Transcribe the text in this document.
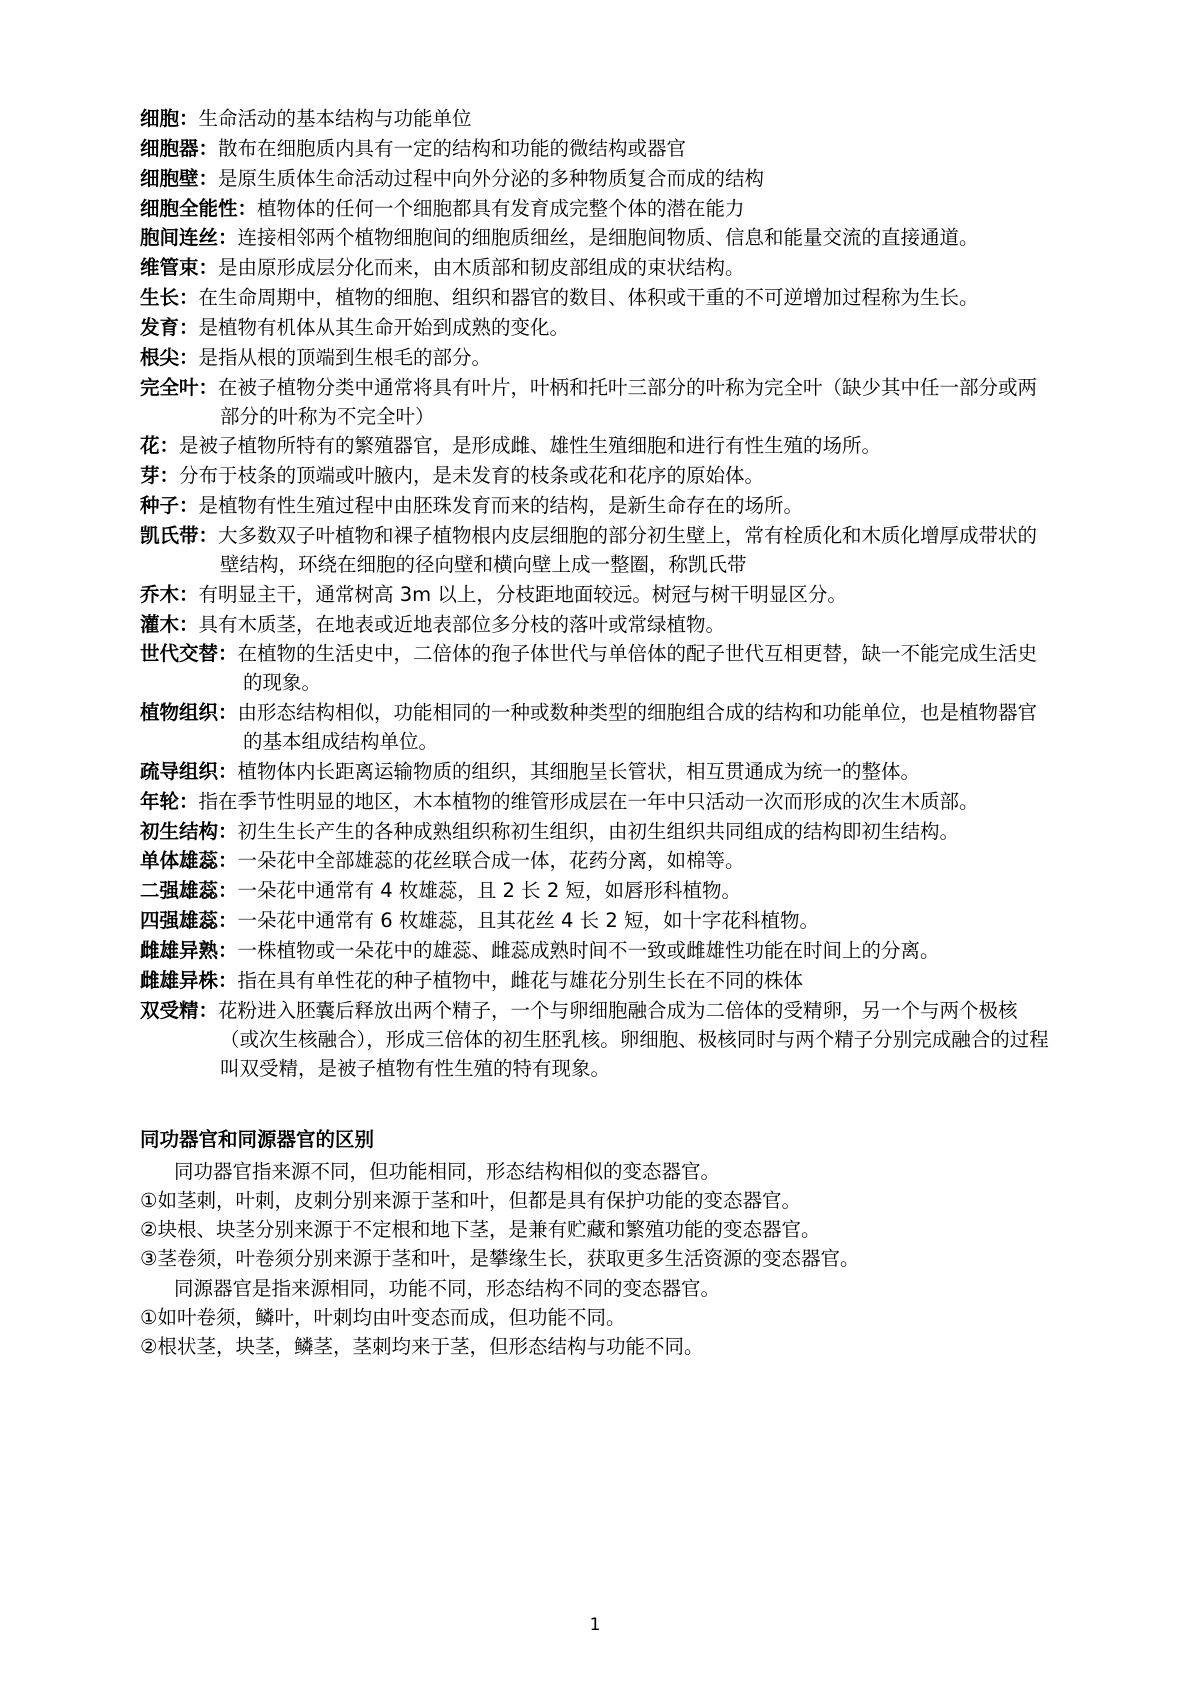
细胞：生命活动的基本结构与功能单位

细胞器：散布在细胞质内具有一定的结构和功能的微结构或器官

细胞壁：是原生质体生命活动过程中向外分泌的多种物质复合而成的结构

细胞全能性：植物体的任何一个细胞都具有发育成完整个体的潜在能力

胞间连丝：连接相邻两个植物细胞间的细胞质细丝，是细胞间物质、信息和能量交流的直接通道。

维管束：是由原形成层分化而来，由木质部和韧皮部组成的束状结构。

生长：在生命周期中，植物的细胞、组织和器官的数目、体积或干重的不可逆增加过程称为生长。

发育：是植物有机体从其生命开始到成熟的变化。

根尖：是指从根的顶端到生根毛的部分。

完全叶：在被子植物分类中通常将具有叶片，叶柄和托叶三部分的叶称为完全叶（缺少其中任一部分或两部分的叶称为不完全叶）

花：是被子植物所特有的繁殖器官，是形成雌、雄性生殖细胞和进行有性生殖的场所。

芽：分布于枝条的顶端或叶腋内，是未发育的枝条或花和花序的原始体。

种子：是植物有性生殖过程中由胚珠发育而来的结构，是新生命存在的场所。

凯氏带：大多数双子叶植物和裸子植物根内皮层细胞的部分初生壁上，常有栓质化和木质化增厚成带状的壁结构，环绕在细胞的径向壁和横向壁上成一整圈，称凯氏带

乔木：有明显主干，通常树高 3m 以上，分枝距地面较远。树冠与树干明显区分。

灌木：具有木质茎，在地表或近地表部位多分枝的落叶或常绿植物。

世代交替：在植物的生活史中，二倍体的孢子体世代与单倍体的配子世代互相更替，缺一不能完成生活史的现象。

植物组织：由形态结构相似，功能相同的一种或数种类型的细胞组合成的结构和功能单位，也是植物器官的基本组成结构单位。

疏导组织：植物体内长距离运输物质的组织，其细胞呈长管状，相互贯通成为统一的整体。

年轮：指在季节性明显的地区，木本植物的维管形成层在一年中只活动一次而形成的次生木质部。

初生结构：初生生长产生的各种成熟组织称初生组织，由初生组织共同组成的结构即初生结构。

单体雄蕊：一朵花中全部雄蕊的花丝联合成一体，花药分离，如棉等。

二强雄蕊：一朵花中通常有 4 枚雄蕊，且 2 长 2 短，如唇形科植物。

四强雄蕊：一朵花中通常有 6 枚雄蕊，且其花丝 4 长 2 短，如十字花科植物。

雌雄异熟：一株植物或一朵花中的雄蕊、雌蕊成熟时间不一致或雌雄性功能在时间上的分离。

雌雄异株：指在具有单性花的种子植物中，雌花与雄花分别生长在不同的株体

双受精：花粉进入胚囊后释放出两个精子，一个与卵细胞融合成为二倍体的受精卵，另一个与两个极核（或次生核融合），形成三倍体的初生胚乳核。卵细胞、极核同时与两个精子分别完成融合的过程叫双受精，是被子植物有性生殖的特有现象。

同功器官和同源器官的区别

同功器官指来源不同，但功能相同，形态结构相似的变态器官。

①如茎刺，叶刺，皮刺分别来源于茎和叶，但都是具有保护功能的变态器官。

②块根、块茎分别来源于不定根和地下茎，是兼有贮藏和繁殖功能的变态器官。

③茎卷须，叶卷须分别来源于茎和叶，是攀缘生长，获取更多生活资源的变态器官。

同源器官是指来源相同，功能不同，形态结构不同的变态器官。

①如叶卷须，鳞叶，叶刺均由叶变态而成，但功能不同。

②根状茎，块茎，鳞茎，茎刺均来于茎，但形态结构与功能不同。

1
